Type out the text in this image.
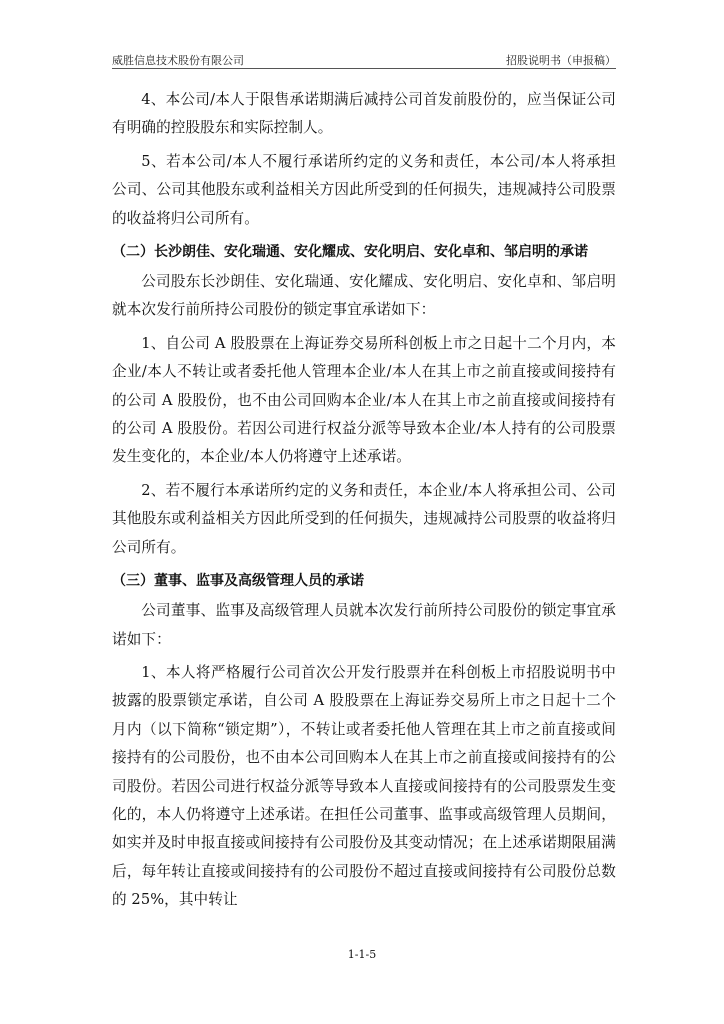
威胜信息技术股份有限公司	招股说明书（申报稿）

4、本公司/本人于限售承诺期满后减持公司首发前股份的，应当保证公司有明确的控股股东和实际控制人。

5、若本公司/本人不履行承诺所约定的义务和责任，本公司/本人将承担公司、公司其他股东或利益相关方因此所受到的任何损失，违规减持公司股票的收益将归公司所有。

（二）长沙朗佳、安化瑞通、安化耀成、安化明启、安化卓和、邹启明的承诺

公司股东长沙朗佳、安化瑞通、安化耀成、安化明启、安化卓和、邹启明就本次发行前所持公司股份的锁定事宜承诺如下：

1、自公司 A 股股票在上海证券交易所科创板上市之日起十二个月内，本企业/本人不转让或者委托他人管理本企业/本人在其上市之前直接或间接持有的公司 A 股股份，也不由公司回购本企业/本人在其上市之前直接或间接持有的公司 A 股股份。若因公司进行权益分派等导致本企业/本人持有的公司股票发生变化的，本企业/本人仍将遵守上述承诺。

2、若不履行本承诺所约定的义务和责任，本企业/本人将承担公司、公司其他股东或利益相关方因此所受到的任何损失，违规减持公司股票的收益将归公司所有。

（三）董事、监事及高级管理人员的承诺

公司董事、监事及高级管理人员就本次发行前所持公司股份的锁定事宜承诺如下：

1、本人将严格履行公司首次公开发行股票并在科创板上市招股说明书中披露的股票锁定承诺，自公司 A 股股票在上海证券交易所上市之日起十二个月内（以下简称“锁定期”），不转让或者委托他人管理在其上市之前直接或间接持有的公司股份，也不由本公司回购本人在其上市之前直接或间接持有的公司股份。若因公司进行权益分派等导致本人直接或间接持有的公司股票发生变化的，本人仍将遵守上述承诺。在担任公司董事、监事或高级管理人员期间，如实并及时申报直接或间接持有公司股份及其变动情况；在上述承诺期限届满后，每年转让直接或间接持有的公司股份不超过直接或间接持有公司股份总数的 25%，其中转让

1-1-5
